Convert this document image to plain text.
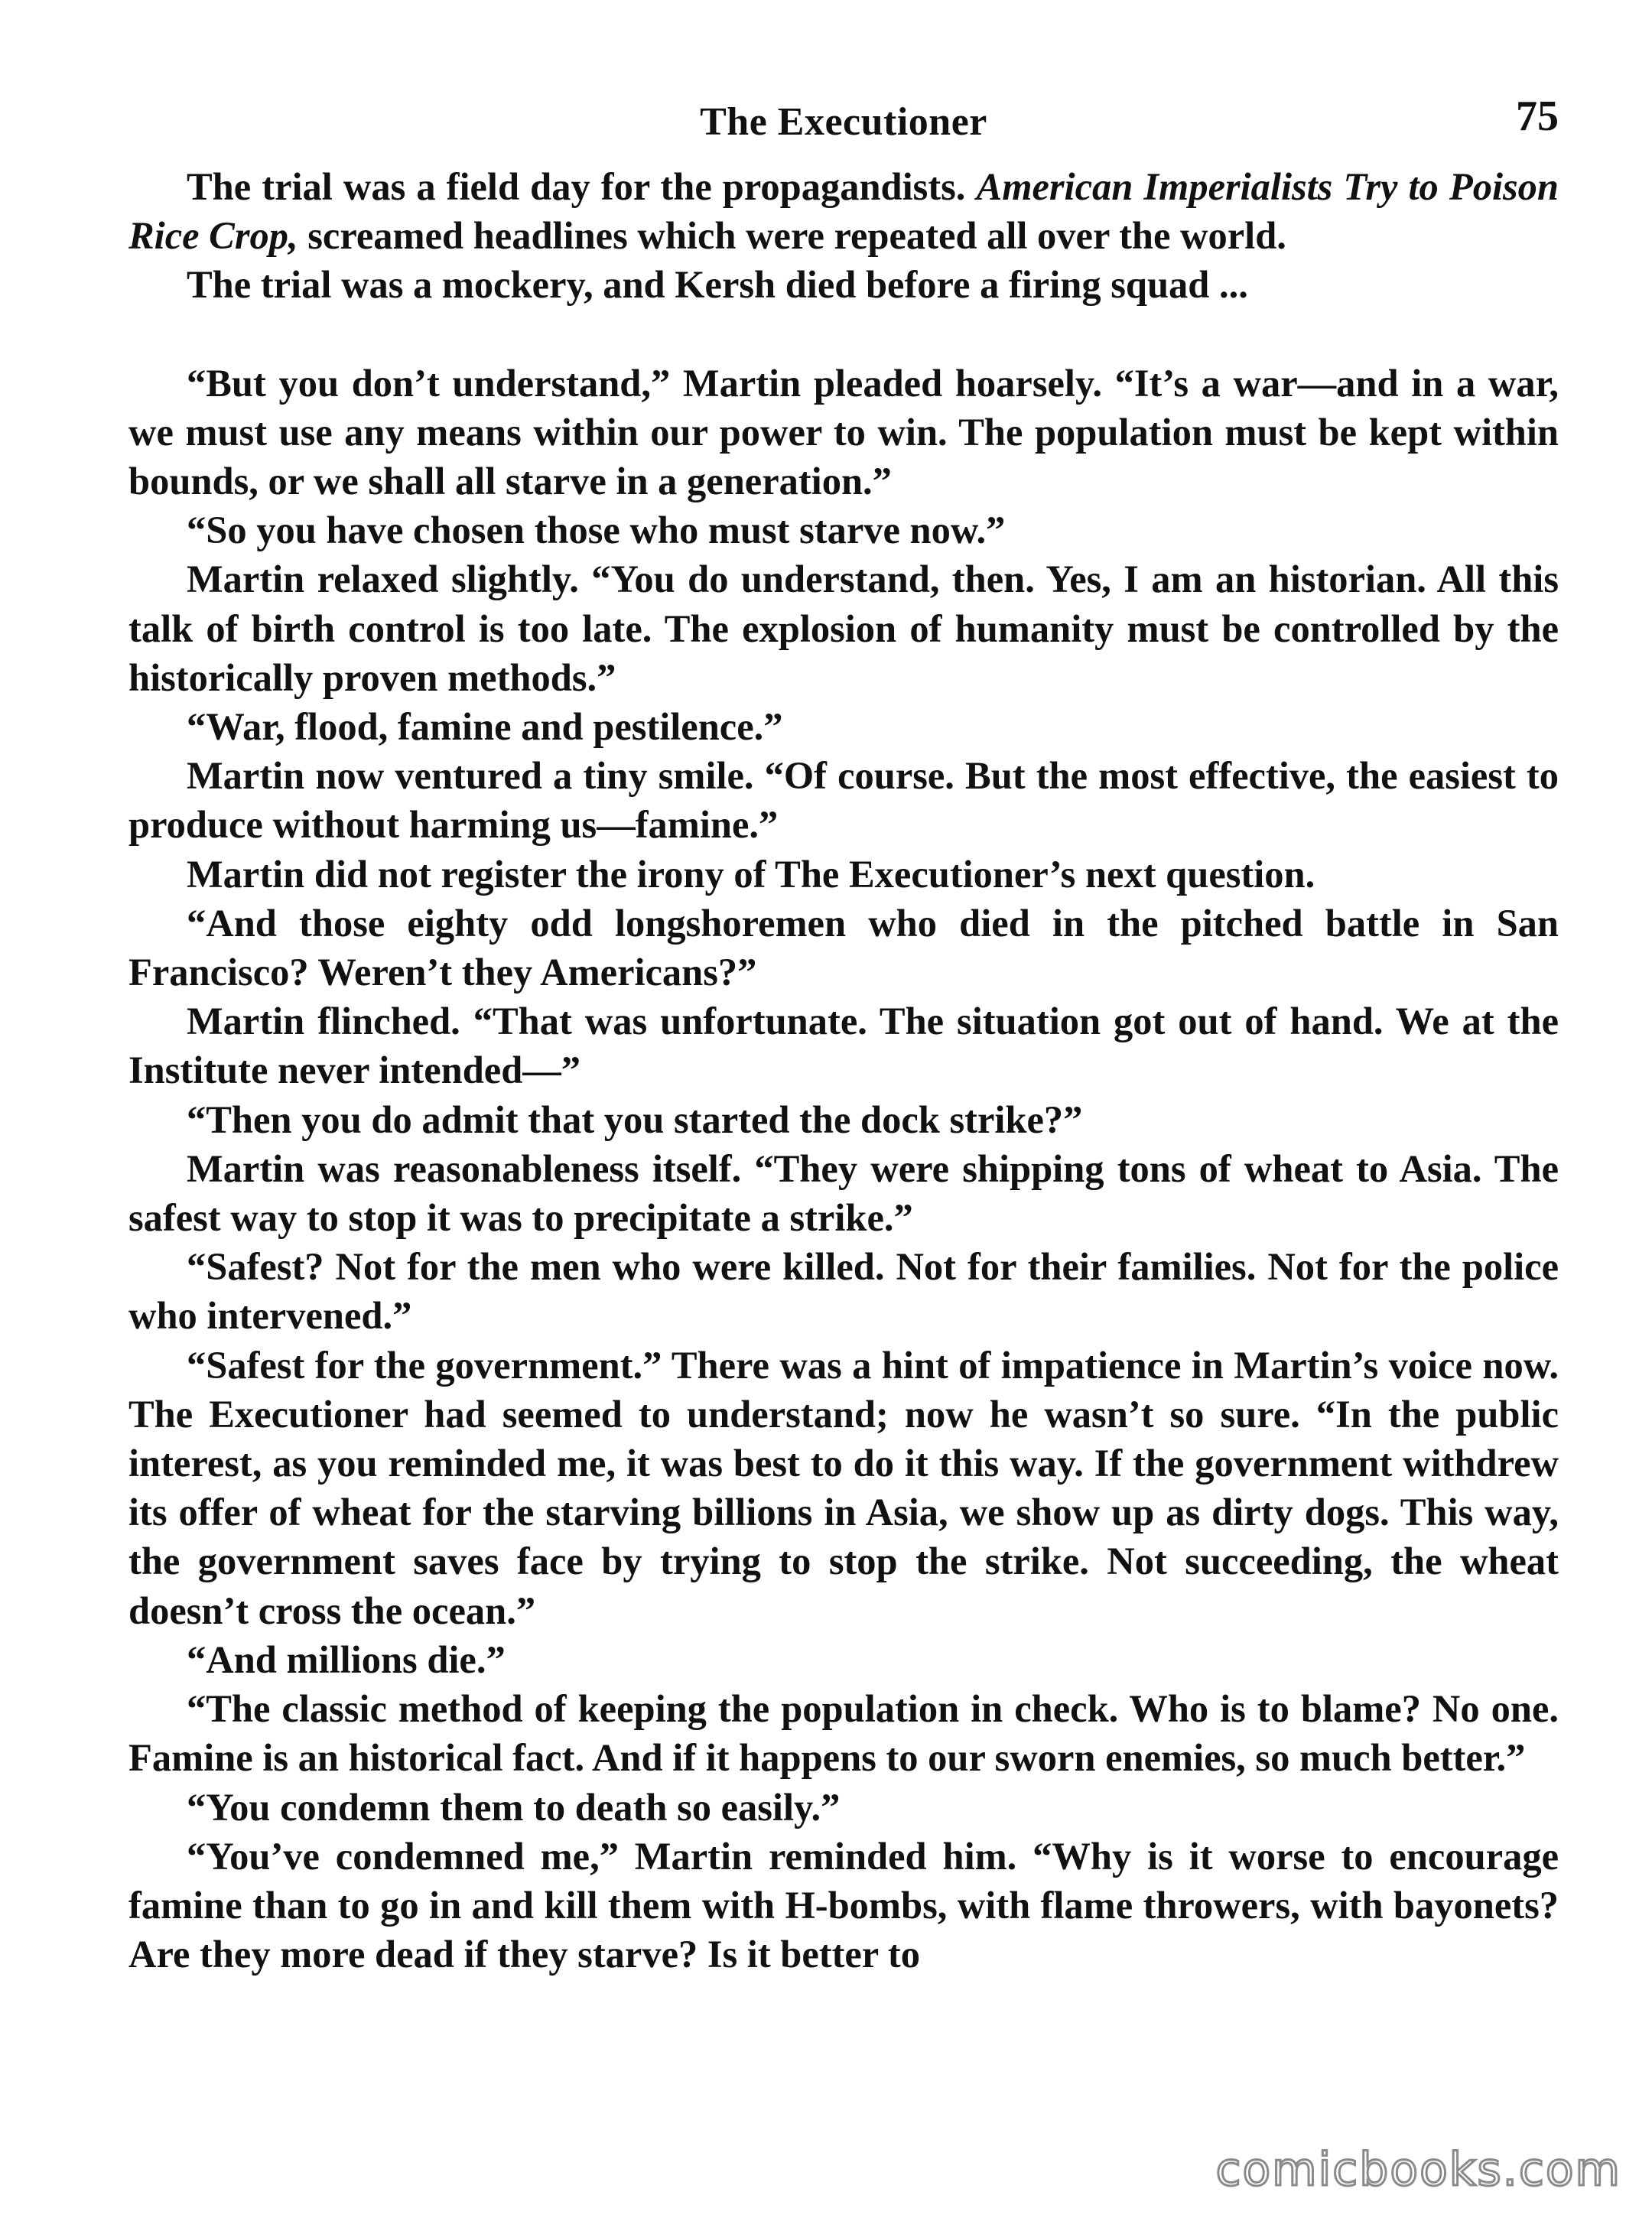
The Executioner	75

The trial was a field day for the propagandists. American Imperialists Try to Poison Rice Crop, screamed headlines which were repeated all over the world.

The trial was a mockery, and Kersh died before a firing squad ...

“But you don’t understand,” Martin pleaded hoarsely. “It’s a war—and in a war, we must use any means within our power to win. The population must be kept within bounds, or we shall all starve in a generation.”

“So you have chosen those who must starve now.”

Martin relaxed slightly. “You do understand, then. Yes, I am an historian. All this talk of birth control is too late. The explosion of humanity must be controlled by the historically proven methods.”

“War, flood, famine and pestilence.”

Martin now ventured a tiny smile. “Of course. But the most effective, the easiest to produce without harming us—famine.”

Martin did not register the irony of The Executioner’s next question.

“And those eighty odd longshoremen who died in the pitched battle in San Francisco? Weren’t they Americans?”

Martin flinched. “That was unfortunate. The situation got out of hand. We at the Institute never intended—”

“Then you do admit that you started the dock strike?”

Martin was reasonableness itself. “They were shipping tons of wheat to Asia. The safest way to stop it was to precipitate a strike.”

“Safest? Not for the men who were killed. Not for their families. Not for the police who intervened.”

“Safest for the government.” There was a hint of impatience in Martin’s voice now. The Executioner had seemed to understand; now he wasn’t so sure. “In the public interest, as you reminded me, it was best to do it this way. If the government withdrew its offer of wheat for the starving billions in Asia, we show up as dirty dogs. This way, the government saves face by trying to stop the strike. Not succeeding, the wheat doesn’t cross the ocean.”

“And millions die.”

“The classic method of keeping the population in check. Who is to blame? No one. Famine is an historical fact. And if it happens to our sworn enemies, so much better.”

“You condemn them to death so easily.”

“You’ve condemned me,” Martin reminded him. “Why is it worse to encourage famine than to go in and kill them with H-bombs, with flame throwers, with bayonets? Are they more dead if they starve? Is it better to

comicbooks.com
